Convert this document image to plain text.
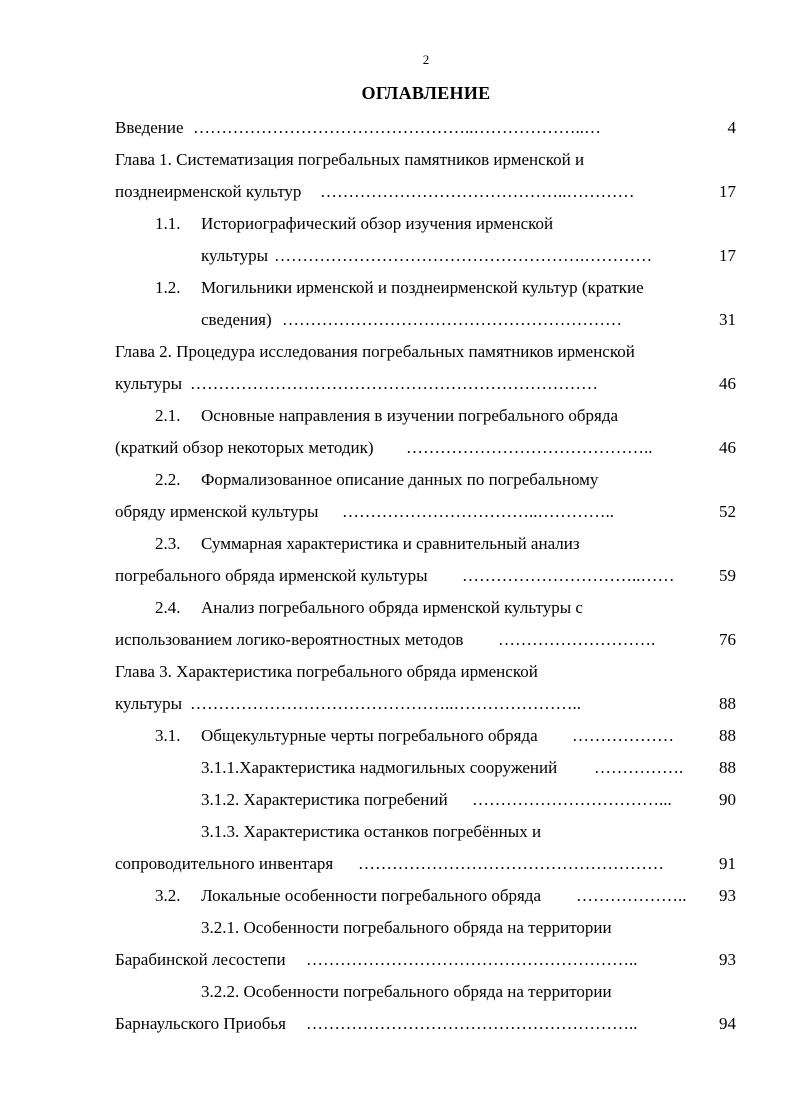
2
ОГЛАВЛЕНИЕ
Введение …………………………………………..………………..…	4
Глава 1. Систематизация погребальных памятников ирменской и
позднеирменской культур ……………………………………..…………	17
1.1. Историографический обзор изучения ирменской
культуры ……………………………………………….…………	17
1.2. Могильники ирменской и позднеирменской культур (краткие
сведения) ……………………………………………………	31
Глава 2. Процедура исследования погребальных памятников ирменской
культуры ………………………………………………………………	46
2.1. Основные направления в изучении погребального обряда
(краткий обзор некоторых методик) ……………………………………..	46
2.2. Формализованное описание данных по погребальному
обряду ирменской культуры ……………………………..…………..	52
2.3. Суммарная характеристика и сравнительный анализ
погребального обряда ирменской культуры …………………………..……	59
2.4. Анализ погребального обряда ирменской культуры с
использованием логико-вероятностных методов ……………………….	76
Глава 3. Характеристика погребального обряда ирменской
культуры ………………………………………..…………………..	88
3.1. Общекультурные черты погребального обряда ………………	88
3.1.1.Характеристика надмогильных сооружений …………….	88
3.1.2. Характеристика погребений ……………………………...	90
3.1.3. Характеристика останков погребённых и
сопроводительного инвентаря ………………………………………………	91
3.2. Локальные особенности погребального обряда ………………..	93
3.2.1. Особенности погребального обряда на территории
Барабинской лесостепи …………………………………………………..	93
3.2.2. Особенности погребального обряда на территории
Барнаульского Приобья …………………………………………………..	94
